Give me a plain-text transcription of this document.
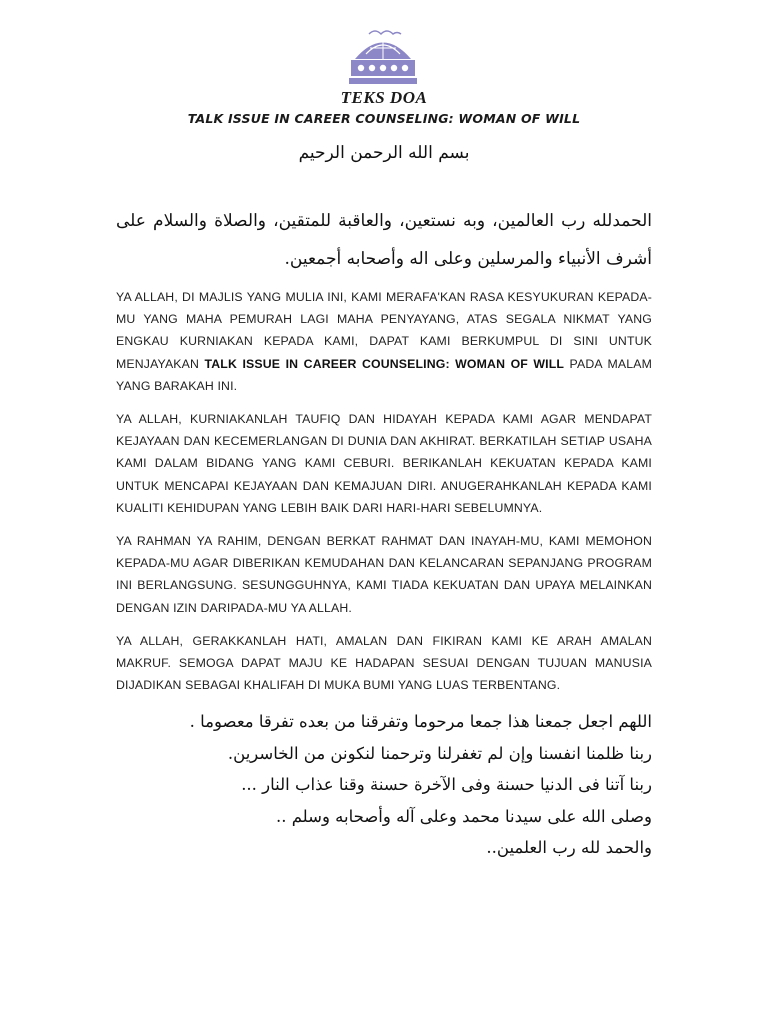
TEKS DOA
TALK ISSUE IN CAREER COUNSELING: WOMAN OF WILL

بسم الله الرحمن الرحيم

الحمدلله رب العالمين، وبه نستعين، والعاقبة للمتقين، والصلاة والسلام على أشرف الأنبياء والمرسلين وعلى اله وأصحابه أجمعين.

YA ALLAH, DI MAJLIS YANG MULIA INI, KAMI MERAFA'KAN RASA KESYUKURAN KEPADA-MU YANG MAHA PEMURAH LAGI MAHA PENYAYANG, ATAS SEGALA NIKMAT YANG ENGKAU KURNIAKAN KEPADA KAMI, DAPAT KAMI BERKUMPUL DI SINI UNTUK MENJAYAKAN TALK ISSUE IN CAREER COUNSELING: WOMAN OF WILL PADA MALAM YANG BARAKAH INI.

YA ALLAH, KURNIAKANLAH TAUFIQ DAN HIDAYAH KEPADA KAMI AGAR MENDAPAT KEJAYAAN DAN KECEMERLANGAN DI DUNIA DAN AKHIRAT. BERKATILAH SETIAP USAHA KAMI DALAM BIDANG YANG KAMI CEBURI. BERIKANLAH KEKUATAN KEPADA KAMI UNTUK MENCAPAI KEJAYAAN DAN KEMAJUAN DIRI. ANUGERAHKANLAH KEPADA KAMI KUALITI KEHIDUPAN YANG LEBIH BAIK DARI HARI-HARI SEBELUMNYA.

YA RAHMAN YA RAHIM, DENGAN BERKAT RAHMAT DAN INAYAH-MU, KAMI MEMOHON KEPADA-MU AGAR DIBERIKAN KEMUDAHAN DAN KELANCARAN SEPANJANG PROGRAM INI BERLANGSUNG. SESUNGGUHNYA, KAMI TIADA KEKUATAN DAN UPAYA MELAINKAN DENGAN IZIN DARIPADA-MU YA ALLAH.

YA ALLAH, GERAKKANLAH HATI, AMALAN DAN FIKIRAN KAMI KE ARAH AMALAN MAKRUF. SEMOGA DAPAT MAJU KE HADAPAN SESUAI DENGAN TUJUAN MANUSIA DIJADIKAN SEBAGAI KHALIFAH DI MUKA BUMI YANG LUAS TERBENTANG.

اللهم اجعل جمعنا هذا جمعا مرحوما وتفرقنا من بعده تفرقا معصوما .
ربنا ظلمنا انفسنا وإن لم تغفرلنا وترحمنا لنكونن من الخاسرين.
ربنا آتنا فى الدنيا حسنة وفى الآخرة حسنة وقنا عذاب النار ...
وصلى الله على سيدنا محمد وعلى آله وأصحابه وسلم ..
والحمد لله رب العلمين..
